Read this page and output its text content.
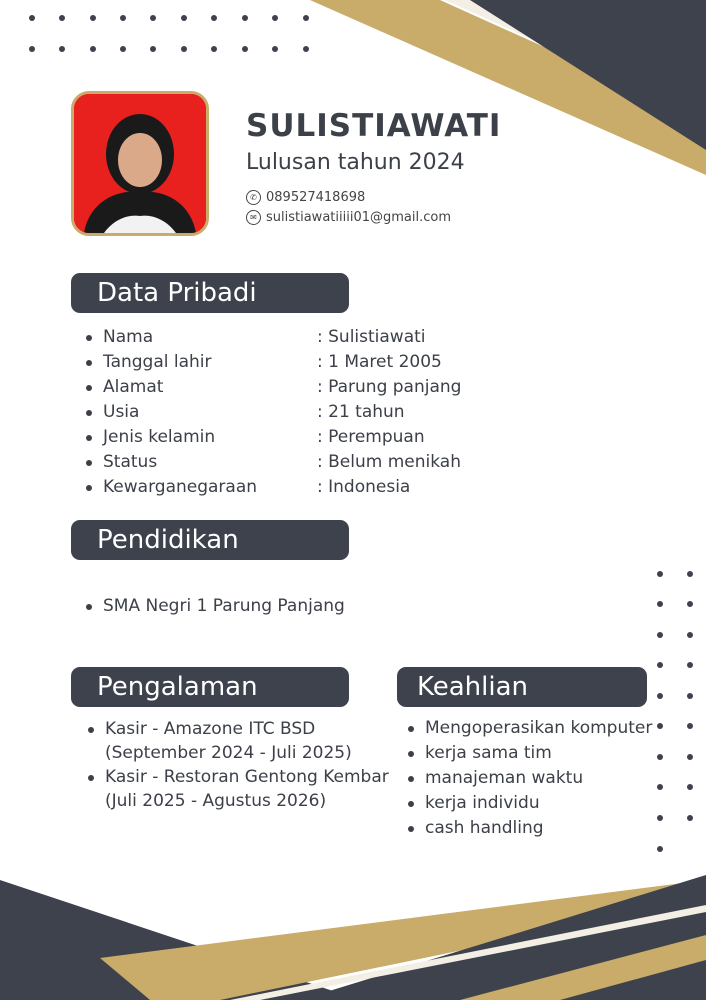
SULISTIAWATI
Lulusan tahun 2024
✆ 089527418698
✉ sulistiawatiiiii01@gmail.com
Data Pribadi
Nama	: Sulistiawati
Tanggal lahir	: 1 Maret 2005
Alamat	: Parung panjang
Usia	: 21 tahun
Jenis kelamin	: Perempuan
Status	: Belum menikah
Kewarganegaraan	: Indonesia
Pendidikan
SMA Negri 1 Parung Panjang
Pengalaman
Kasir - Amazone ITC BSD
(September 2024 - Juli 2025)
Kasir - Restoran Gentong Kembar
(Juli 2025 - Agustus 2026)
Keahlian
Mengoperasikan komputer
kerja sama tim
manajeman waktu
kerja individu
cash handling
